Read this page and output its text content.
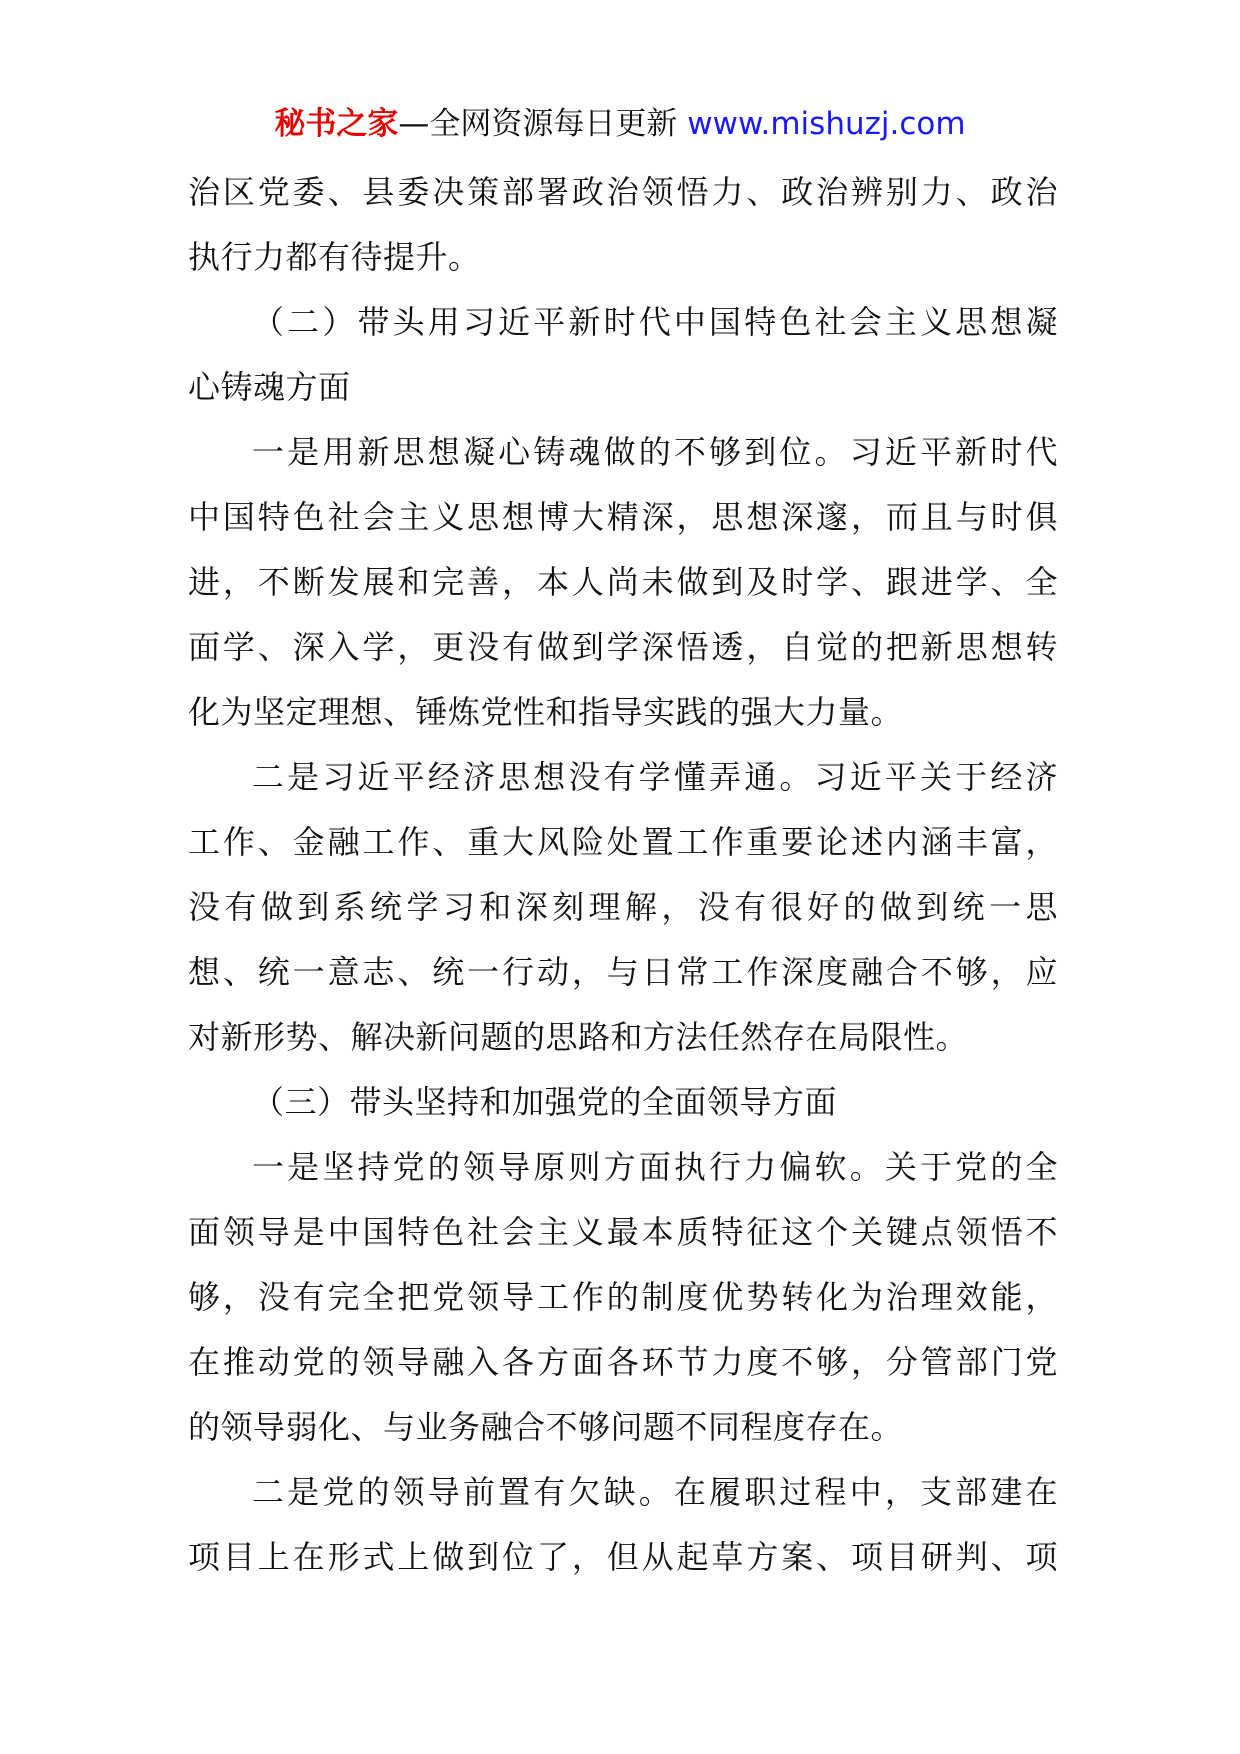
秘书之家—全网资源每日更新 www.mishuzj.com
治区党委、县委决策部署政治领悟力、政治辨别力、政治
执行力都有待提升。
（二）带头用习近平新时代中国特色社会主义思想凝
心铸魂方面
一是用新思想凝心铸魂做的不够到位。习近平新时代
中国特色社会主义思想博大精深，思想深邃，而且与时俱
进，不断发展和完善，本人尚未做到及时学、跟进学、全
面学、深入学，更没有做到学深悟透，自觉的把新思想转
化为坚定理想、锤炼党性和指导实践的强大力量。
二是习近平经济思想没有学懂弄通。习近平关于经济
工作、金融工作、重大风险处置工作重要论述内涵丰富，
没有做到系统学习和深刻理解，没有很好的做到统一思
想、统一意志、统一行动，与日常工作深度融合不够，应
对新形势、解决新问题的思路和方法任然存在局限性。
（三）带头坚持和加强党的全面领导方面
一是坚持党的领导原则方面执行力偏软。关于党的全
面领导是中国特色社会主义最本质特征这个关键点领悟不
够，没有完全把党领导工作的制度优势转化为治理效能，
在推动党的领导融入各方面各环节力度不够，分管部门党
的领导弱化、与业务融合不够问题不同程度存在。
二是党的领导前置有欠缺。在履职过程中，支部建在
项目上在形式上做到位了，但从起草方案、项目研判、项
